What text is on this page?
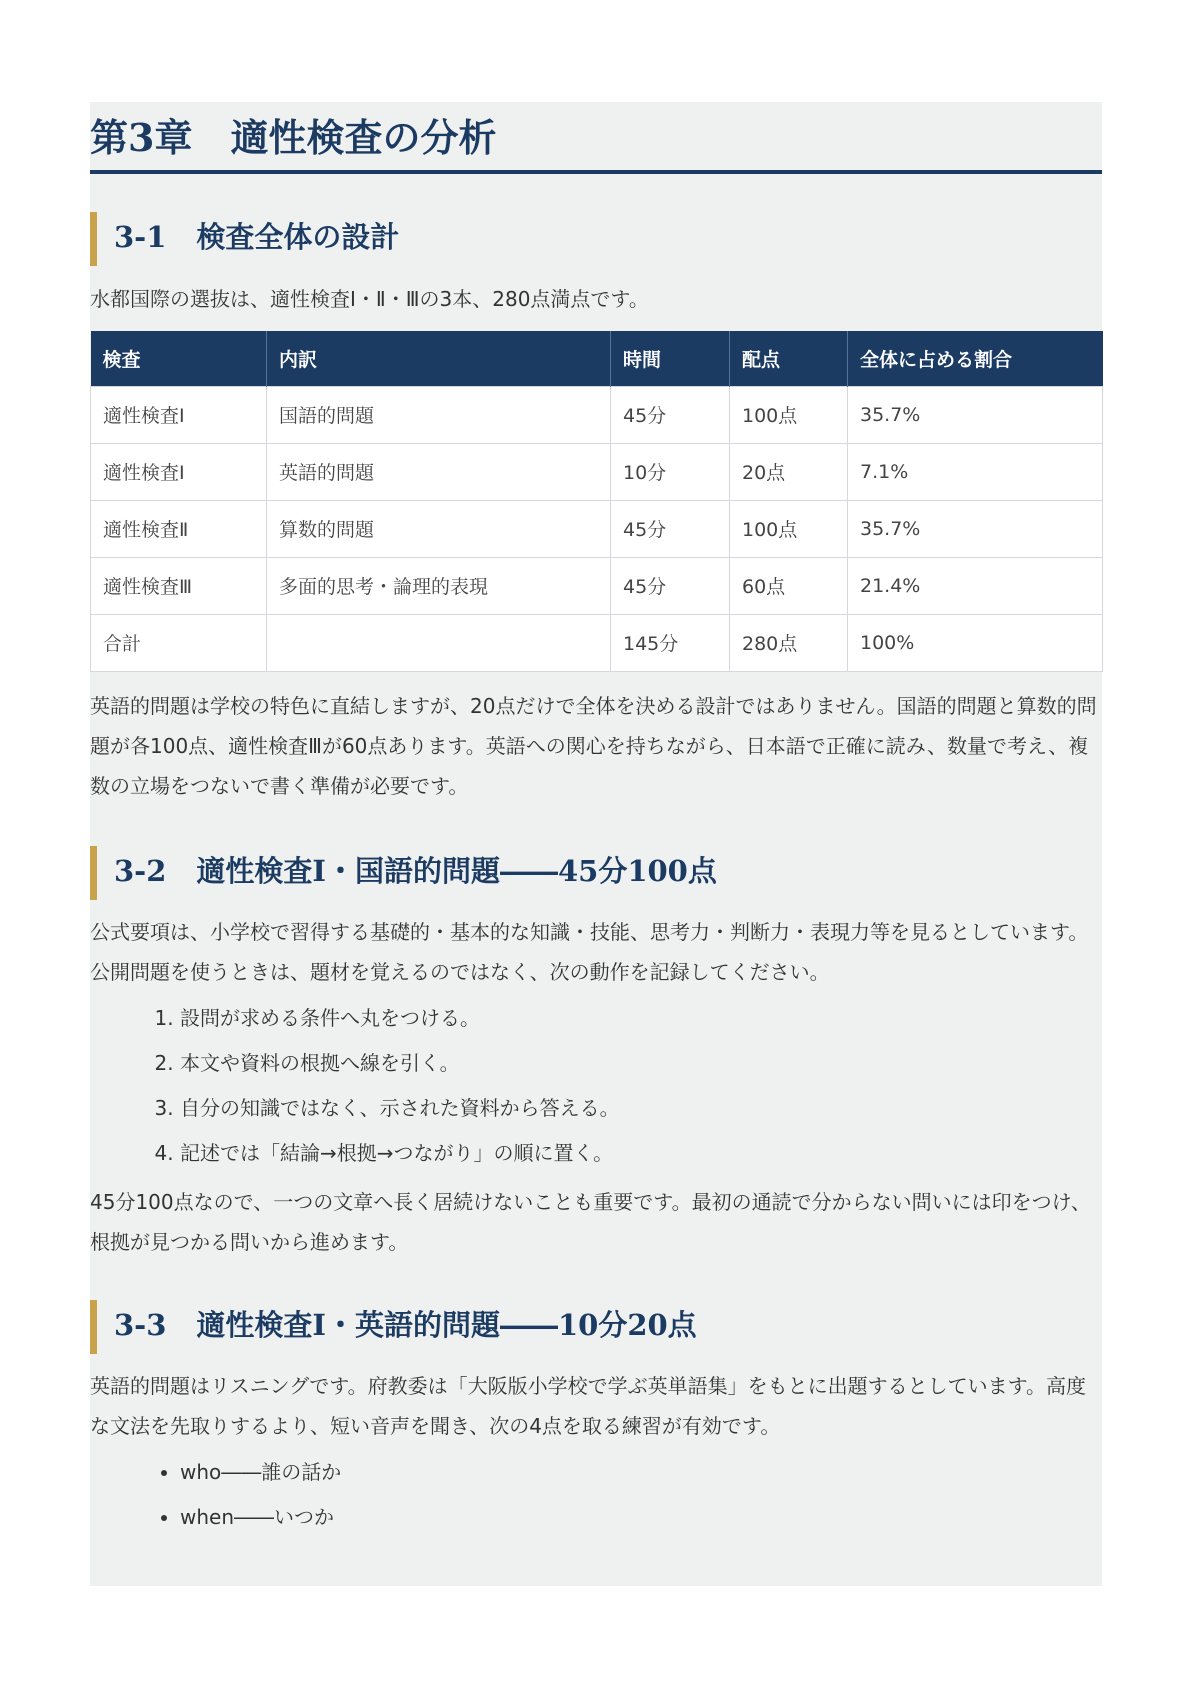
第3章 適性検査の分析
3-1 検査全体の設計

水都国際の選抜は、適性検査Ⅰ・Ⅱ・Ⅲの3本、280点満点です。

検査	内訳	時間	配点	全体に占める割合
適性検査Ⅰ	国語的問題	45分	100点	35.7%
適性検査Ⅰ	英語的問題	10分	20点	7.1%
適性検査Ⅱ	算数的問題	45分	100点	35.7%
適性検査Ⅲ	多面的思考・論理的表現	45分	60点	21.4%
合計		145分	280点	100%

英語的問題は学校の特色に直結しますが、20点だけで全体を決める設計ではありません。国語的問題と算数的問題が各100点、適性検査Ⅲが60点あります。英語への関心を持ちながら、日本語で正確に読み、数量で考え、複数の立場をつないで書く準備が必要です。

3-2 適性検査Ⅰ・国語的問題――45分100点

公式要項は、小学校で習得する基礎的・基本的な知識・技能、思考力・判断力・表現力等を見るとしています。公開問題を使うときは、題材を覚えるのではなく、次の動作を記録してください。

1. 設問が求める条件へ丸をつける。
2. 本文や資料の根拠へ線を引く。
3. 自分の知識ではなく、示された資料から答える。
4. 記述では「結論→根拠→つながり」の順に置く。

45分100点なので、一つの文章へ長く居続けないことも重要です。最初の通読で分からない問いには印をつけ、根拠が見つかる問いから進めます。

3-3 適性検査Ⅰ・英語的問題――10分20点

英語的問題はリスニングです。府教委は「大阪版小学校で学ぶ英単語集」をもとに出題するとしています。高度な文法を先取りするより、短い音声を聞き、次の4点を取る練習が有効です。

• who――誰の話か
• when――いつか
